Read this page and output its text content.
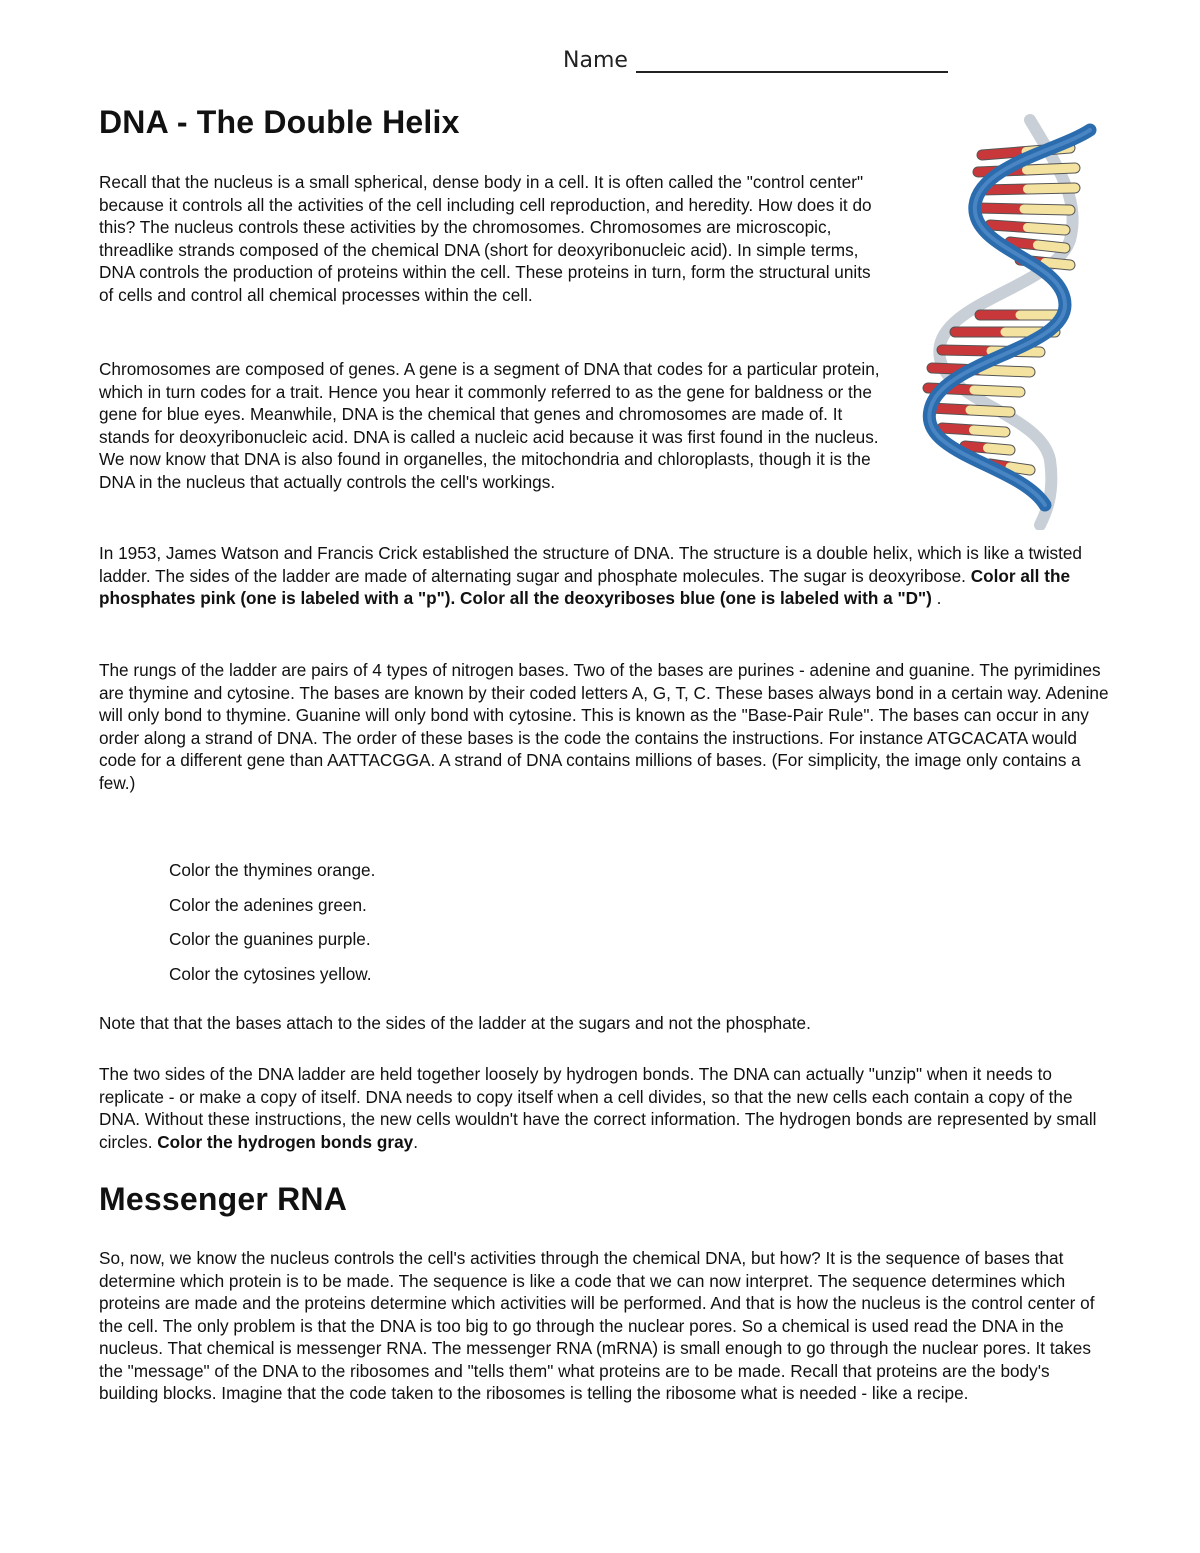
Name
DNA - The Double Helix

Recall that the nucleus is a small spherical, dense body in a cell. It is often called the "control center" because it controls all the activities of the cell including cell reproduction, and heredity. How does it do this? The nucleus controls these activities by the chromosomes. Chromosomes are microscopic, threadlike strands composed of the chemical DNA (short for deoxyribonucleic acid). In simple terms, DNA controls the production of proteins within the cell. These proteins in turn, form the structural units of cells and control all chemical processes within the cell.

Chromosomes are composed of genes. A gene is a segment of DNA that codes for a particular protein, which in turn codes for a trait. Hence you hear it commonly referred to as the gene for baldness or the gene for blue eyes. Meanwhile, DNA is the chemical that genes and chromosomes are made of. It stands for deoxyribonucleic acid. DNA is called a nucleic acid because it was first found in the nucleus. We now know that DNA is also found in organelles, the mitochondria and chloroplasts, though it is the DNA in the nucleus that actually controls the cell's workings.

In 1953, James Watson and Francis Crick established the structure of DNA. The structure is a double helix, which is like a twisted ladder. The sides of the ladder are made of alternating sugar and phosphate molecules. The sugar is deoxyribose. Color all the phosphates pink (one is labeled with a "p"). Color all the deoxyriboses blue (one is labeled with a "D") .

The rungs of the ladder are pairs of 4 types of nitrogen bases. Two of the bases are purines - adenine and guanine. The pyrimidines are thymine and cytosine. The bases are known by their coded letters A, G, T, C. These bases always bond in a certain way. Adenine will only bond to thymine. Guanine will only bond with cytosine. This is known as the "Base-Pair Rule". The bases can occur in any order along a strand of DNA. The order of these bases is the code the contains the instructions. For instance ATGCACATA would code for a different gene than AATTACGGA. A strand of DNA contains millions of bases. (For simplicity, the image only contains a few.)

Color the thymines orange.
Color the adenines green.
Color the guanines purple.
Color the cytosines yellow.

Note that that the bases attach to the sides of the ladder at the sugars and not the phosphate.

The two sides of the DNA ladder are held together loosely by hydrogen bonds. The DNA can actually "unzip" when it needs to replicate - or make a copy of itself. DNA needs to copy itself when a cell divides, so that the new cells each contain a copy of the DNA. Without these instructions, the new cells wouldn't have the correct information. The hydrogen bonds are represented by small circles. Color the hydrogen bonds gray.

Messenger RNA

So, now, we know the nucleus controls the cell's activities through the chemical DNA, but how? It is the sequence of bases that determine which protein is to be made. The sequence is like a code that we can now interpret. The sequence determines which proteins are made and the proteins determine which activities will be performed. And that is how the nucleus is the control center of the cell. The only problem is that the DNA is too big to go through the nuclear pores. So a chemical is used read the DNA in the nucleus. That chemical is messenger RNA. The messenger RNA (mRNA) is small enough to go through the nuclear pores. It takes the "message" of the DNA to the ribosomes and "tells them" what proteins are to be made. Recall that proteins are the body's building blocks. Imagine that the code taken to the ribosomes is telling the ribosome what is needed - like a recipe.
